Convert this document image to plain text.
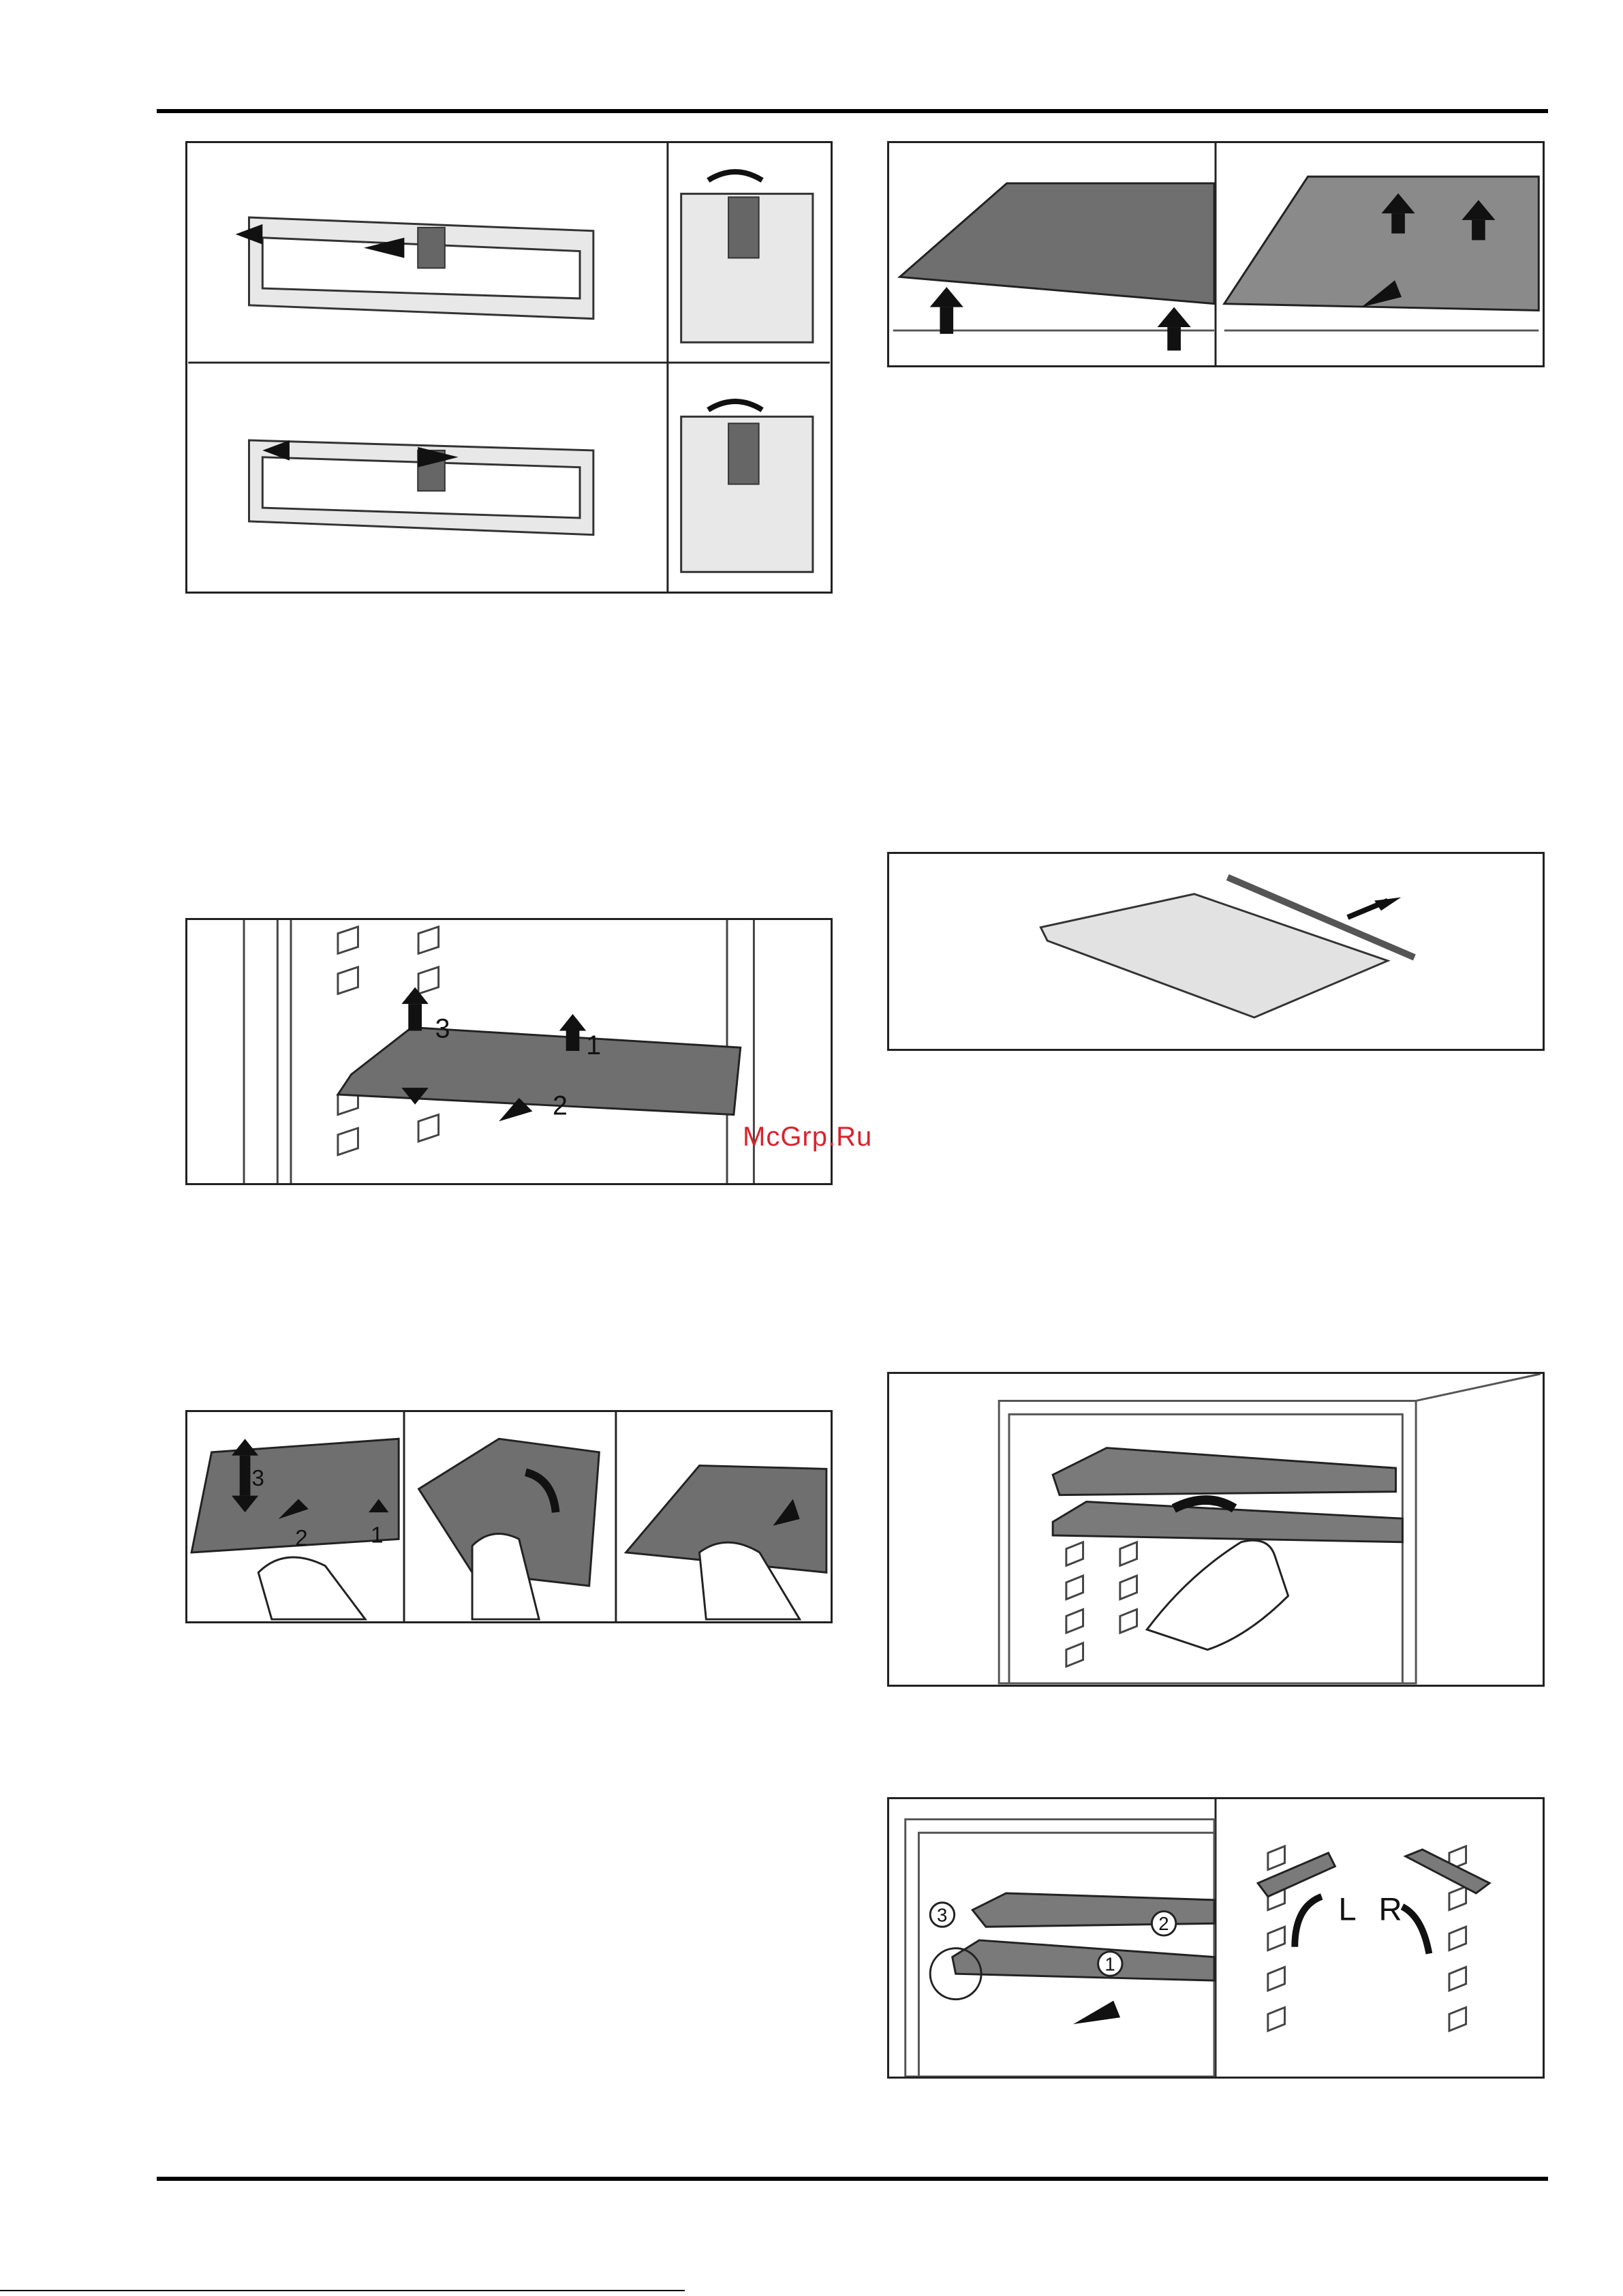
3
1
2
McGrp.Ru
3
2	1
3	2
1
L R
